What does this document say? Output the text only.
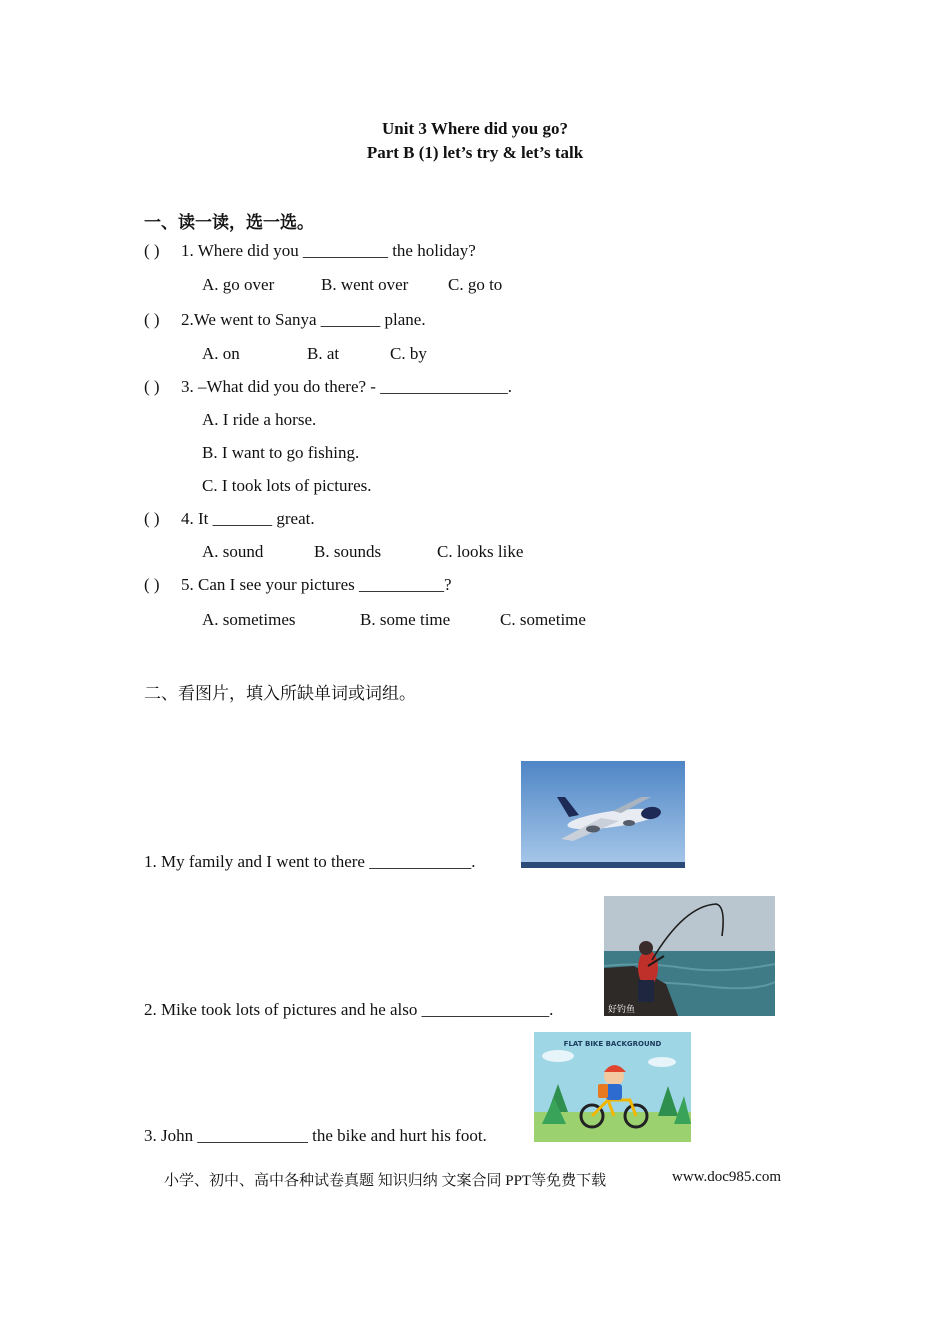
Unit 3 Where did you go?
Part B (1) let’s try & let’s talk
一、读一读，选一选。
( ) 1. Where did you __________ the holiday?
A. go over	B. went over C. go to
( ) 2.We went to Sanya _______ plane.
A. on	B. at	C. by
( ) 3. –What did you do there? - _______________.
A. I ride a horse.
B. I want to go fishing.
C. I took lots of pictures.
( ) 4. It _______ great.
A. sound	B. sounds	C. looks like
( ) 5. Can I see your pictures __________?
A. sometimes	B. some time	C. sometime
二、看图片，填入所缺单词或词组。
1. My family and I went to there ____________.
2. Mike took lots of pictures and he also _______________.	好钓鱼
3. John _____________ the bike and hurt his foot.
FLAT BIKE BACKGROUND
小学、初中、高中各种试卷真题 知识归纳 文案合同 PPT等免费下载	www.doc985.com
